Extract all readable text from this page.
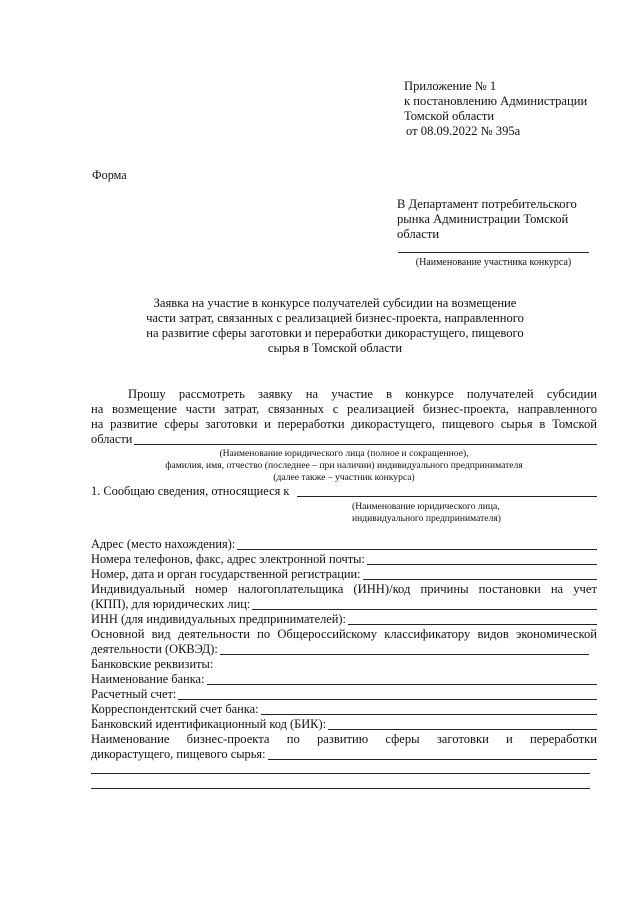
Приложение № 1
к постановлению Администрации
Томской области
от 08.09.2022 № 395а
Форма
В Департамент потребительского
рынка Администрации Томской
области
(Наименование участника конкурса)
Заявка на участие в конкурсе получателей субсидии на возмещение
части затрат, связанных с реализацией бизнес-проекта, направленного
на развитие сферы заготовки и переработки дикорастущего, пищевого
сырья в Томской области
Прошу рассмотреть заявку на участие в конкурсе получателей субсидии
на возмещение части затрат, связанных с реализацией бизнес-проекта, направленного
на развитие сферы заготовки и переработки дикорастущего, пищевого сырья в Томской
области
(Наименование юридического лица (полное и сокращенное),
фамилия, имя, отчество (последнее – при наличии) индивидуального предпринимателя
(далее также – участник конкурса)
1. Сообщаю сведения, относящиеся к
(Наименование юридического лица,
индивидуального предпринимателя)
Адрес (место нахождения):
Номера телефонов, факс, адрес электронной почты:
Номер, дата и орган государственной регистрации:
Индивидуальный номер налогоплательщика (ИНН)/код причины постановки на учет
(КПП), для юридических лиц:
ИНН (для индивидуальных предпринимателей):
Основной вид деятельности по Общероссийскому классификатору видов экономической
деятельности (ОКВЭД):
Банковские реквизиты:
Наименование банка:
Расчетный счет:
Корреспондентский счет банка:
Банковский идентификационный код (БИК):
Наименование бизнес-проекта по развитию сферы заготовки и переработки
дикорастущего, пищевого сырья:
